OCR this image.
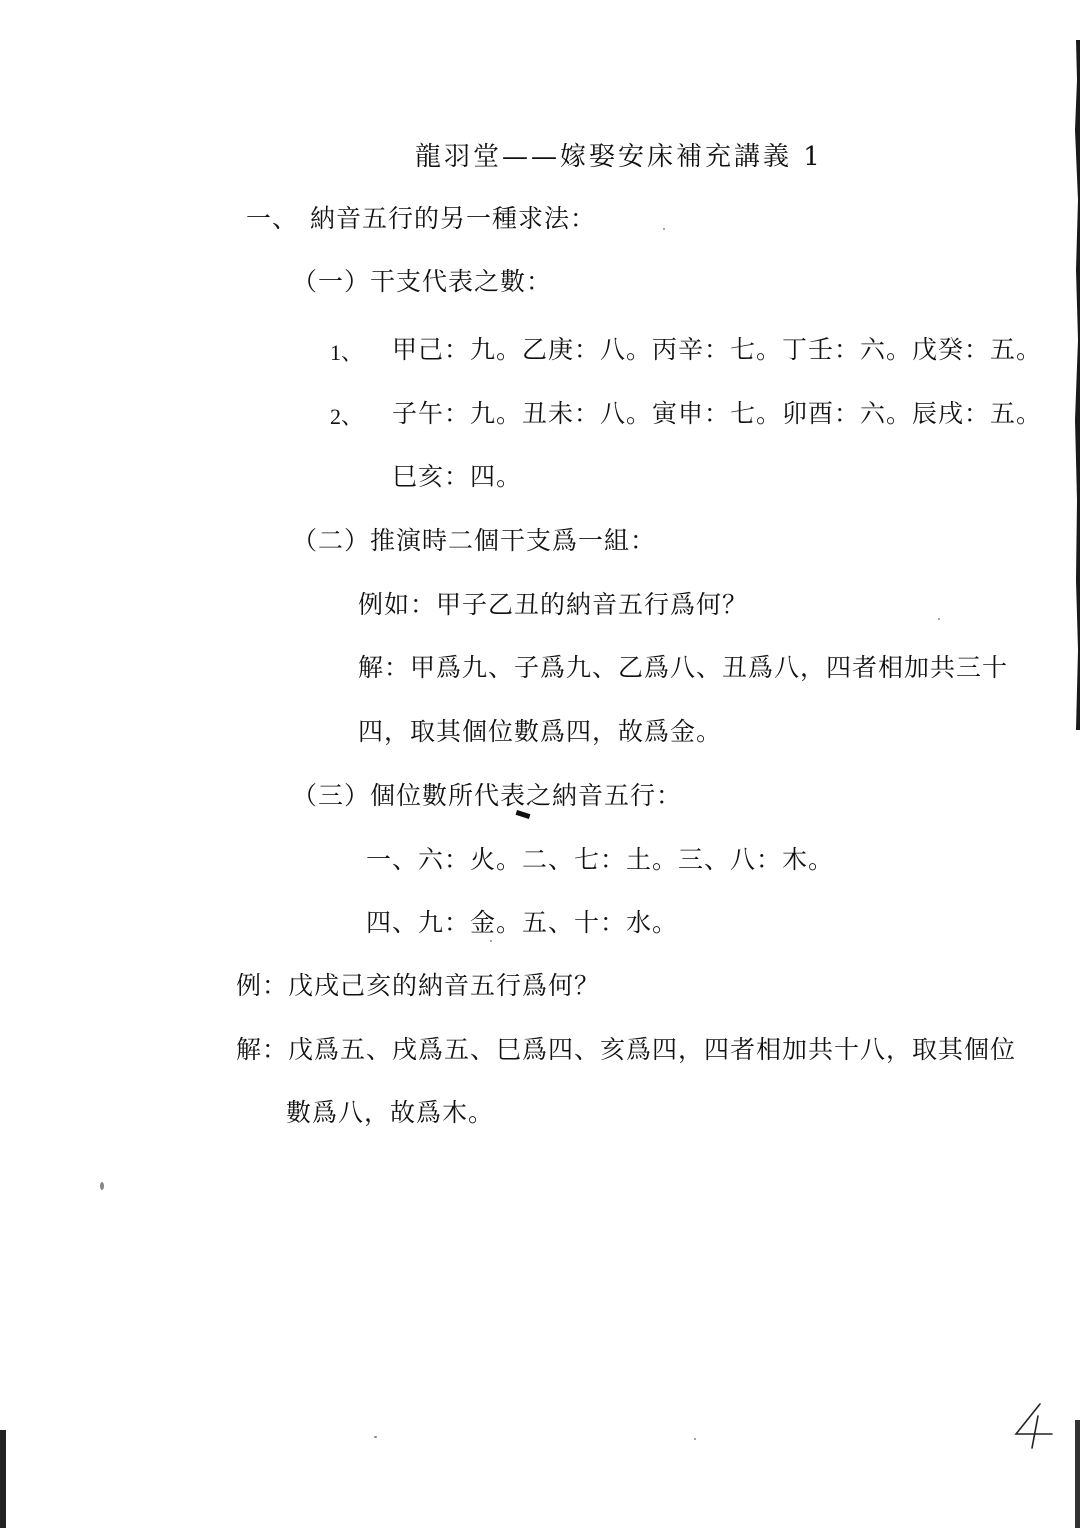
龍羽堂——嫁娶安床補充講義 1
一、 納音五行的另一種求法：
（一）干支代表之數：
1、 甲己：九。乙庚：八。丙辛：七。丁壬：六。戊癸：五。
2、 子午：九。丑未：八。寅申：七。卯酉：六。辰戌：五。
巳亥：四。
（二）推演時二個干支爲一組：
例如：甲子乙丑的納音五行爲何？
解：甲爲九、子爲九、乙爲八、丑爲八，四者相加共三十
四，取其個位數爲四，故爲金。
（三）個位數所代表之納音五行：
一、六：火。二、七：土。三、八：木。
四、九：金。五、十：水。
例：戊戌己亥的納音五行爲何？
解：戊爲五、戌爲五、巳爲四、亥爲四，四者相加共十八，取其個位
數爲八，故爲木。
